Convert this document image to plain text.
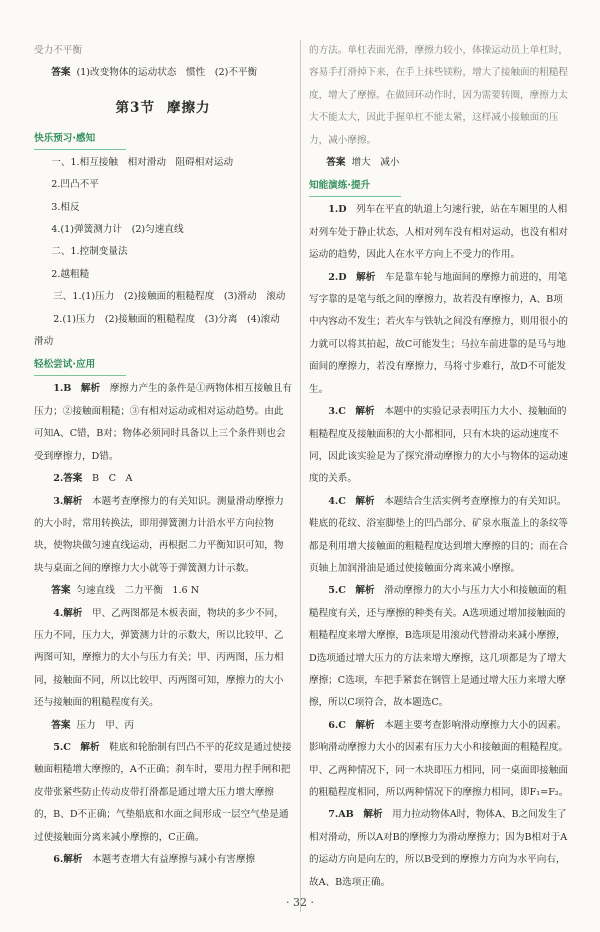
受力不平衡

答案 (1)改变物体的运动状态　惯性　(2)不平衡

第3节 摩擦力
快乐预习·感知

一、1.相互接触　相对滑动　阻碍相对运动

2.凹凸不平

3.相反

4.(1)弹簧测力计　(2)匀速直线

二、1.控制变量法

2.越粗糙

三、1.(1)压力　(2)接触面的粗糙程度　(3)滑动　滚动

2.(1)压力　(2)接触面的粗糙程度　(3)分离　(4)滚动　滑动

轻松尝试·应用

1.B　解析　 摩擦力产生的条件是①两物体相互接触且有压力；②接触面粗糙；③有相对运动或相对运动趋势。由此可知A、C错，B对；物体必须同时具备以上三个条件则也会受到摩擦力，D错。

2.答案　 B　C　A

3.解析　 本题考查摩擦力的有关知识。测量滑动摩擦力的大小时，常用转换法，即用弹簧测力计沿水平方向拉物块，使物块做匀速直线运动，再根据二力平衡知识可知，物块与桌面之间的摩擦力大小就等于弹簧测力计示数。

答案 匀速直线　二力平衡　1.6 N

4.解析　 甲、乙两图都是木板表面，物块的多少不同，压力不同，压力大，弹簧测力计的示数大，所以比较甲、乙两图可知，摩擦力的大小与压力有关；甲、丙两图，压力相同，接触面不同，所以比较甲、丙两图可知，摩擦力的大小还与接触面的粗糙程度有关。

答案 压力　甲、丙

5.C　解析　 鞋底和轮胎制有凹凸不平的花纹是通过使接触面粗糙增大摩擦的，A不正确；刹车时，要用力捏手闸和把皮带张紧些防止传动皮带打滑都是通过增大压力增大摩擦的，B、D不正确；气垫船底和水面之间形成一层空气垫是通过使接触面分离来减小摩擦的，C正确。

6.解析　 本题考查增大有益摩擦与减小有害摩擦

的方法。单杠表面光滑，摩擦力较小，体操运动员上单杠时，容易手打滑掉下来，在手上抹些镁粉，增大了接触面的粗糙程度，增大了摩擦。在做回环动作时，因为需要转圈，摩擦力太大不能太大，因此手握单杠不能太紧，这样减小接触面的压力，减小摩擦。

答案 增大　减小

知能演练·提升

1.D　 列车在平直的轨道上匀速行驶，站在车厢里的人相对列车处于静止状态，人相对列车没有相对运动，也没有相对运动的趋势，因此人在水平方向上不受力的作用。

2.D　解析　 车是靠车轮与地面间的摩擦力前进的，用笔写字靠的是笔与纸之间的摩擦力，故若没有摩擦力，A、B项中内容动不发生；若火车与铁轨之间没有摩擦力，则用很小的力就可以将其拍起，故C可能发生；马拉车前进靠的是马与地面间的摩擦力，若没有摩擦力，马将寸步难行，故D不可能发生。

3.C　解析　 本题中的实验记录表明压力大小、接触面的粗糙程度及接触面积的大小都相同，只有木块的运动速度不同，因此该实验是为了探究滑动摩擦力的大小与物体的运动速度的关系。

4.C　解析　 本题结合生活实例考查摩擦力的有关知识。鞋底的花纹、浴室脚垫上的凹凸部分、矿泉水瓶盖上的条纹等都是利用增大接触面的粗糙程度达到增大摩擦的目的；而在合页轴上加润滑油是通过使接触面分离来减小摩擦。

5.C　解析　 滑动摩擦力的大小与压力大小和接触面的粗糙程度有关，还与摩擦的种类有关。A选项通过增加接触面的粗糙程度来增大摩擦，B选项是用滚动代替滑动来减小摩擦，D选项通过增大压力的方法来增大摩擦，这几项都是为了增大摩擦；C选项，车把手紧套在钢管上是通过增大压力来增大摩擦，所以C项符合，故本题选C。

6.C　解析　 本题主要考查影响滑动摩擦力大小的因素。影响滑动摩擦力大小的因素有压力大小和接触面的粗糙程度。甲、乙两种情况下，同一木块即压力相同，同一桌面即接触面的粗糙程度相同，所以两种情况下的摩擦力相同，即F₁=F₂。

7.AB　解析　 用力拉动物体A时，物体A、B之间发生了相对滑动，所以A对B的摩擦力为滑动摩擦力；因为B相对于A的运动方向是向左的，所以B受到的摩擦力方向为水平向右，故A、B选项正确。

· 32 ·
